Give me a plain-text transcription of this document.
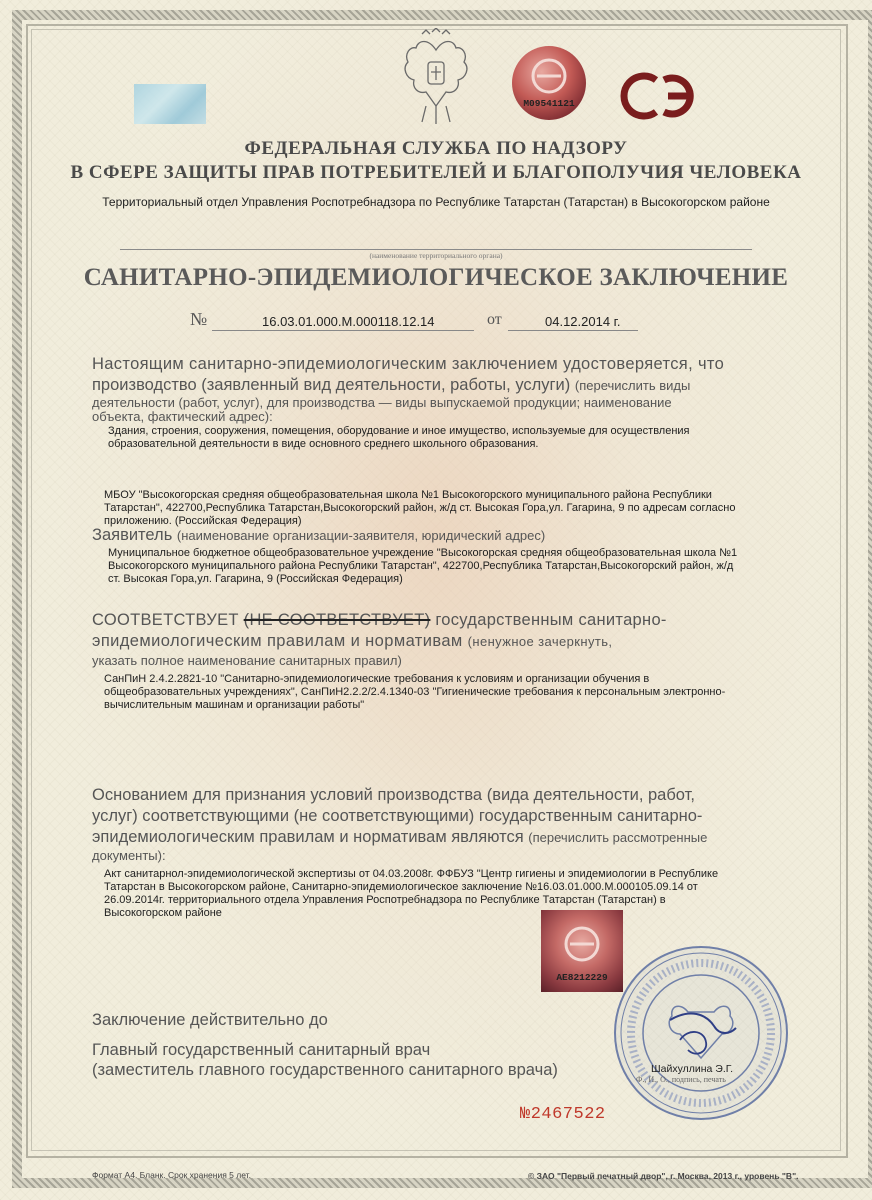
M09541121
ФЕДЕРАЛЬНАЯ СЛУЖБА ПО НАДЗОРУ
В СФЕРЕ ЗАЩИТЫ ПРАВ ПОТРЕБИТЕЛЕЙ И БЛАГОПОЛУЧИЯ ЧЕЛОВЕКА
Территориальный отдел Управления Роспотребнадзора по Республике Татарстан (Татарстан) в Высокогорском районе
(наименование территориального органа)
САНИТАРНО-ЭПИДЕМИОЛОГИЧЕСКОЕ ЗАКЛЮЧЕНИЕ
№	16.03.01.000.М.000118.12.14	от	04.12.2014 г.
Настоящим санитарно-эпидемиологическим заключением удостоверяется, что
производство (заявленный вид деятельности, работы, услуги) (перечислить виды
деятельности (работ, услуг), для производства — виды выпускаемой продукции; наименование
объекта, фактический адрес):
Здания, строения, сооружения, помещения, оборудование и иное имущество, используемые для осуществления
образовательной деятельности в виде основного среднего школьного образования.
МБОУ "Высокогорская средняя общеобразовательная школа №1 Высокогорского муниципального района Республики
Татарстан", 422700,Республика Татарстан,Высокогорский район, ж/д ст. Высокая Гора,ул. Гагарина, 9 по адресам согласно
приложению. (Российская Федерация)
Заявитель (наименование организации-заявителя, юридический адрес)
Муниципальное бюджетное общеобразовательное учреждение "Высокогорская средняя общеобразовательная школа №1
Высокогорского муниципального района Республики Татарстан", 422700,Республика Татарстан,Высокогорский район, ж/д
ст. Высокая Гора,ул. Гагарина, 9 (Российская Федерация)
СООТВЕТСТВУЕТ (НЕ СООТВЕТСТВУЕТ) государственным санитарно-
эпидемиологическим правилам и нормативам (ненужное зачеркнуть,
указать полное наименование санитарных правил)
СанПиН 2.4.2.2821-10 "Санитарно-эпидемиологические требования к условиям и организации обучения в
общеобразовательных учреждениях", СанПиН2.2.2/2.4.1340-03 "Гигиенические требования к персональным электронно-
вычислительным машинам и организации работы"
Основанием для признания условий производства (вида деятельности, работ,
услуг) соответствующими (не соответствующими) государственным санитарно-
эпидемиологическим правилам и нормативам являются (перечислить рассмотренные
документы):
Акт санитарнол-эпидемиологической экспертизы от 04.03.2008г. ФФБУЗ "Центр гигиены и эпидемиологии в Республике
Татарстан в Высокогорском районе, Санитарно-эпидемиологическое заключение №16.03.01.000.М.000105.09.14 от
26.09.2014г. территориального отдела Управления Роспотребнадзора по Республике Татарстан (Татарстан) в
Высокогорском районе
AE8212229
Шайхуллина Э.Г.
Ф., И., О., подпись, печать
Заключение действительно до
Главный государственный санитарный врач
(заместитель главного государственного санитарного врача)
№2467522
Формат А4. Бланк. Срок хранения 5 лет.	© ЗАО "Первый печатный двор", г. Москва, 2013 г., уровень "В".
